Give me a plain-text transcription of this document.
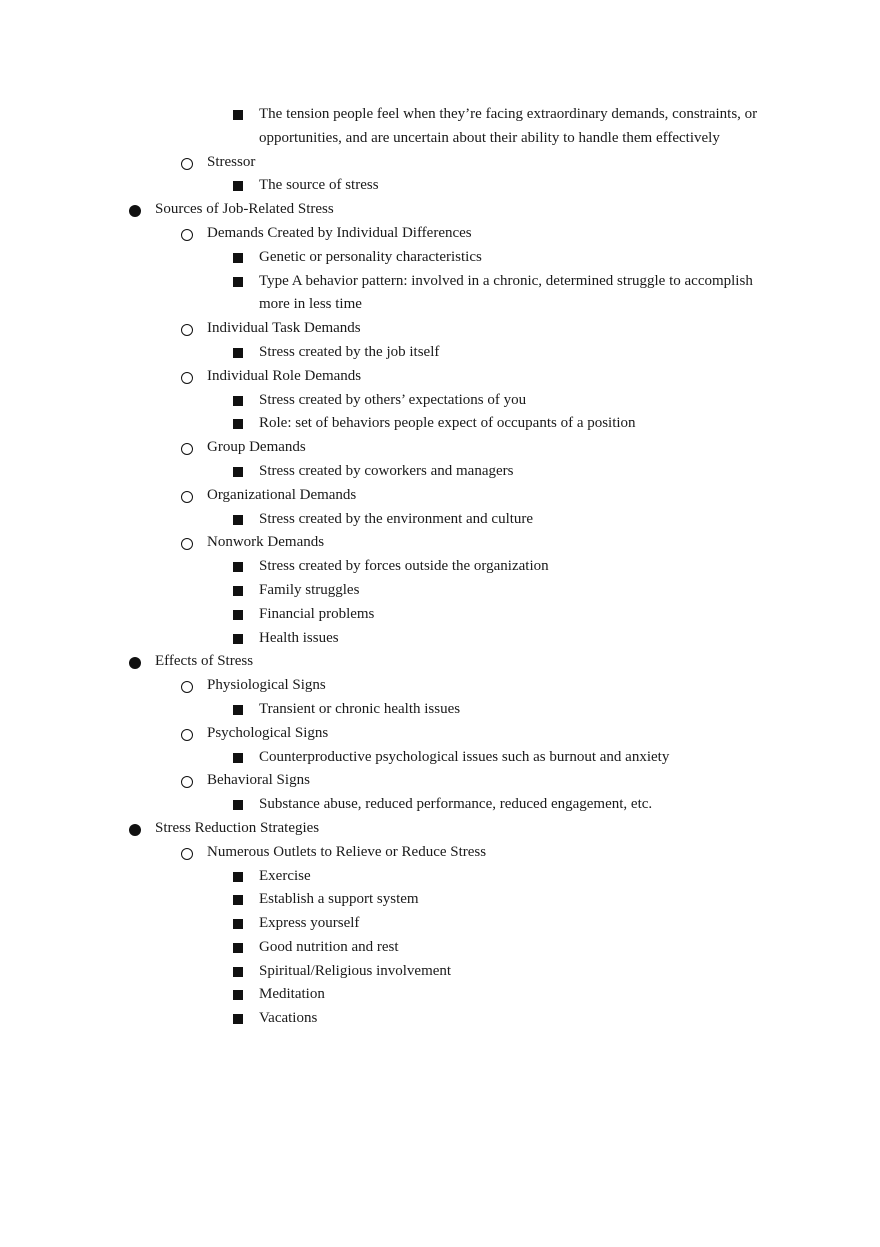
The tension people feel when they’re facing extraordinary demands, constraints, or opportunities, and are uncertain about their ability to handle them effectively
Stressor
The source of stress
Sources of Job-Related Stress
Demands Created by Individual Differences
Genetic or personality characteristics
Type A behavior pattern: involved in a chronic, determined struggle to accomplish more in less time
Individual Task Demands
Stress created by the job itself
Individual Role Demands
Stress created by others’ expectations of you
Role: set of behaviors people expect of occupants of a position
Group Demands
Stress created by coworkers and managers
Organizational Demands
Stress created by the environment and culture
Nonwork Demands
Stress created by forces outside the organization
Family struggles
Financial problems
Health issues
Effects of Stress
Physiological Signs
Transient or chronic health issues
Psychological Signs
Counterproductive psychological issues such as burnout and anxiety
Behavioral Signs
Substance abuse, reduced performance, reduced engagement, etc.
Stress Reduction Strategies
Numerous Outlets to Relieve or Reduce Stress
Exercise
Establish a support system
Express yourself
Good nutrition and rest
Spiritual/Religious involvement
Meditation
Vacations
